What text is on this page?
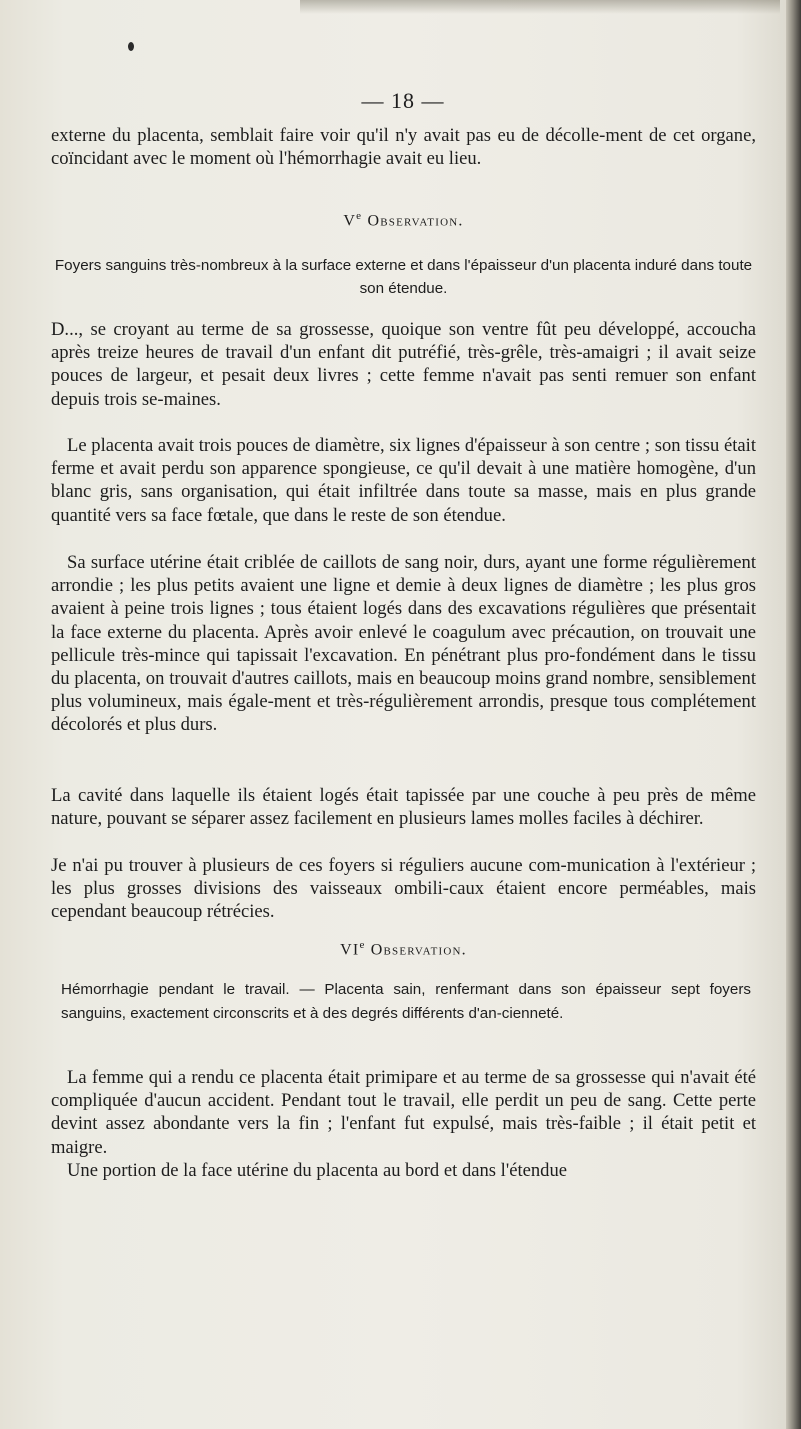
— 18 —

externe du placenta, semblait faire voir qu'il n'y avait pas eu de décolle-ment de cet organe, coïncidant avec le moment où l'hémorrhagie avait eu lieu.

Ve Observation.

Foyers sanguins très-nombreux à la surface externe et dans l'épaisseur d'un placenta induré dans toute son étendue.

D..., se croyant au terme de sa grossesse, quoique son ventre fût peu développé, accoucha après treize heures de travail d'un enfant dit putréfié, très-grêle, très-amaigri ; il avait seize pouces de largeur, et pesait deux livres ; cette femme n'avait pas senti remuer son enfant depuis trois se-maines.

Le placenta avait trois pouces de diamètre, six lignes d'épaisseur à son centre ; son tissu était ferme et avait perdu son apparence spongieuse, ce qu'il devait à une matière homogène, d'un blanc gris, sans organisation, qui était infiltrée dans toute sa masse, mais en plus grande quantité vers sa face fœtale, que dans le reste de son étendue.

Sa surface utérine était criblée de caillots de sang noir, durs, ayant une forme régulièrement arrondie ; les plus petits avaient une ligne et demie à deux lignes de diamètre ; les plus gros avaient à peine trois lignes ; tous étaient logés dans des excavations régulières que présentait la face externe du placenta. Après avoir enlevé le coagulum avec précaution, on trouvait une pellicule très-mince qui tapissait l'excavation. En pénétrant plus pro-fondément dans le tissu du placenta, on trouvait d'autres caillots, mais en beaucoup moins grand nombre, sensiblement plus volumineux, mais égale-ment et très-régulièrement arrondis, presque tous complétement décolorés et plus durs.

La cavité dans laquelle ils étaient logés était tapissée par une couche à peu près de même nature, pouvant se séparer assez facilement en plusieurs lames molles faciles à déchirer.

Je n'ai pu trouver à plusieurs de ces foyers si réguliers aucune com-munication à l'extérieur ; les plus grosses divisions des vaisseaux ombili-caux étaient encore perméables, mais cependant beaucoup rétrécies.

VIe Observation.

Hémorrhagie pendant le travail. — Placenta sain, renfermant dans son épaisseur sept foyers sanguins, exactement circonscrits et à des degrés différents d'an-cienneté.

La femme qui a rendu ce placenta était primipare et au terme de sa grossesse qui n'avait été compliquée d'aucun accident. Pendant tout le travail, elle perdit un peu de sang. Cette perte devint assez abondante vers la fin ; l'enfant fut expulsé, mais très-faible ; il était petit et maigre.

Une portion de la face utérine du placenta au bord et dans l'étendue
